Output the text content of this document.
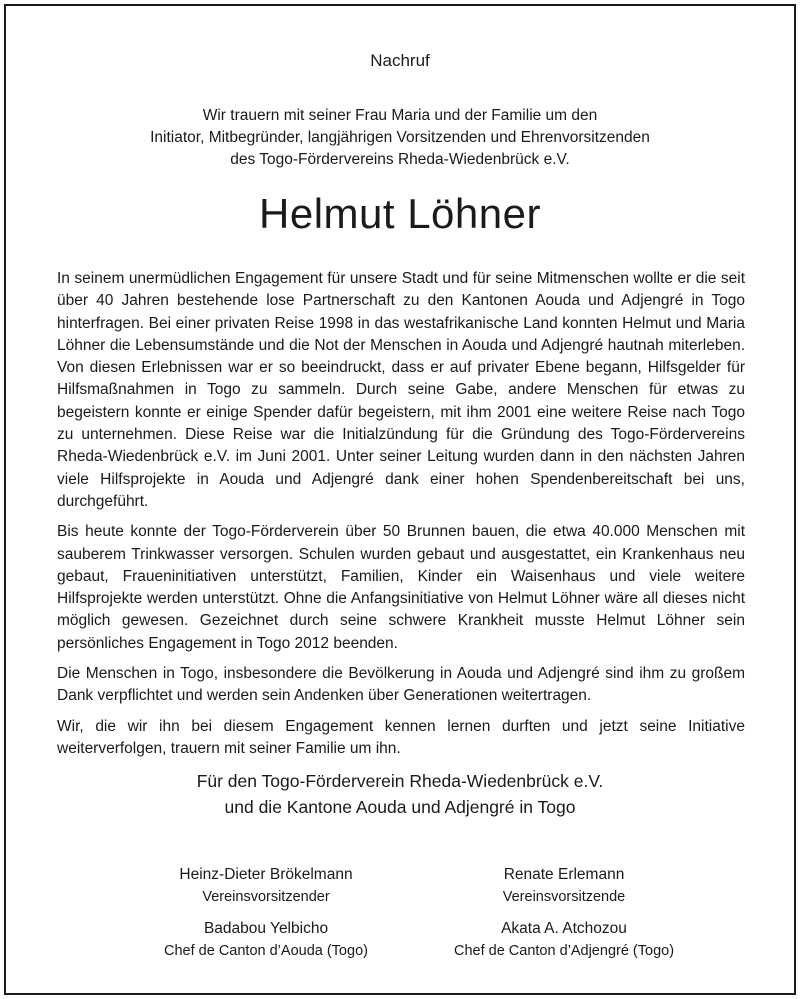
Nachruf
Wir trauern mit seiner Frau Maria und der Familie um den
Initiator, Mitbegründer, langjährigen Vorsitzenden und Ehrenvorsitzenden
des Togo-Fördervereins Rheda-Wiedenbrück e.V.
Helmut Löhner

In seinem unermüdlichen Engagement für unsere Stadt und für seine Mitmenschen wollte er die seit über 40 Jahren bestehende lose Partnerschaft zu den Kantonen Aouda und Adjengré in Togo hinterfragen. Bei einer privaten Reise 1998 in das westafrikanische Land konnten Helmut und Maria Löhner die Lebensumstände und die Not der Menschen in Aouda und Adjengré hautnah miterleben. Von diesen Erlebnissen war er so beeindruckt, dass er auf privater Ebene begann, Hilfsgelder für Hilfsmaßnahmen in Togo zu sammeln. Durch seine Gabe, andere Menschen für etwas zu begeistern konnte er einige Spender dafür begeistern, mit ihm 2001 eine weitere Reise nach Togo zu unternehmen. Diese Reise war die Initialzündung für die Gründung des Togo-Fördervereins Rheda-Wiedenbrück e.V. im Juni 2001. Unter seiner Leitung wurden dann in den nächsten Jahren viele Hilfsprojekte in Aouda und Adjengré dank einer hohen Spendenbereitschaft bei uns, durchgeführt.

Bis heute konnte der Togo-Förderverein über 50 Brunnen bauen, die etwa 40.000 Menschen mit sauberem Trinkwasser versorgen. Schulen wurden gebaut und ausgestattet, ein Krankenhaus neu gebaut, Fraueninitiativen unterstützt, Familien, Kinder ein Waisenhaus und viele weitere Hilfsprojekte werden unterstützt. Ohne die Anfangsinitiative von Helmut Löhner wäre all dieses nicht möglich gewesen. Gezeichnet durch seine schwere Krankheit musste Helmut Löhner sein persönliches Engagement in Togo 2012 beenden.

Die Menschen in Togo, insbesondere die Bevölkerung in Aouda und Adjengré sind ihm zu großem Dank verpflichtet und werden sein Andenken über Generationen weitertragen.

Wir, die wir ihn bei diesem Engagement kennen lernen durften und jetzt seine Initiative weiterverfolgen, trauern mit seiner Familie um ihn.

Für den Togo-Förderverein Rheda-Wiedenbrück e.V.
und die Kantone Aouda und Adjengré in Togo
Heinz-Dieter Brökelmann
Vereinsvorsitzender
Renate Erlemann
Vereinsvorsitzende
Badabou Yelbicho
Chef de Canton d’Aouda (Togo)
Akata A. Atchozou
Chef de Canton d’Adjengré (Togo)
